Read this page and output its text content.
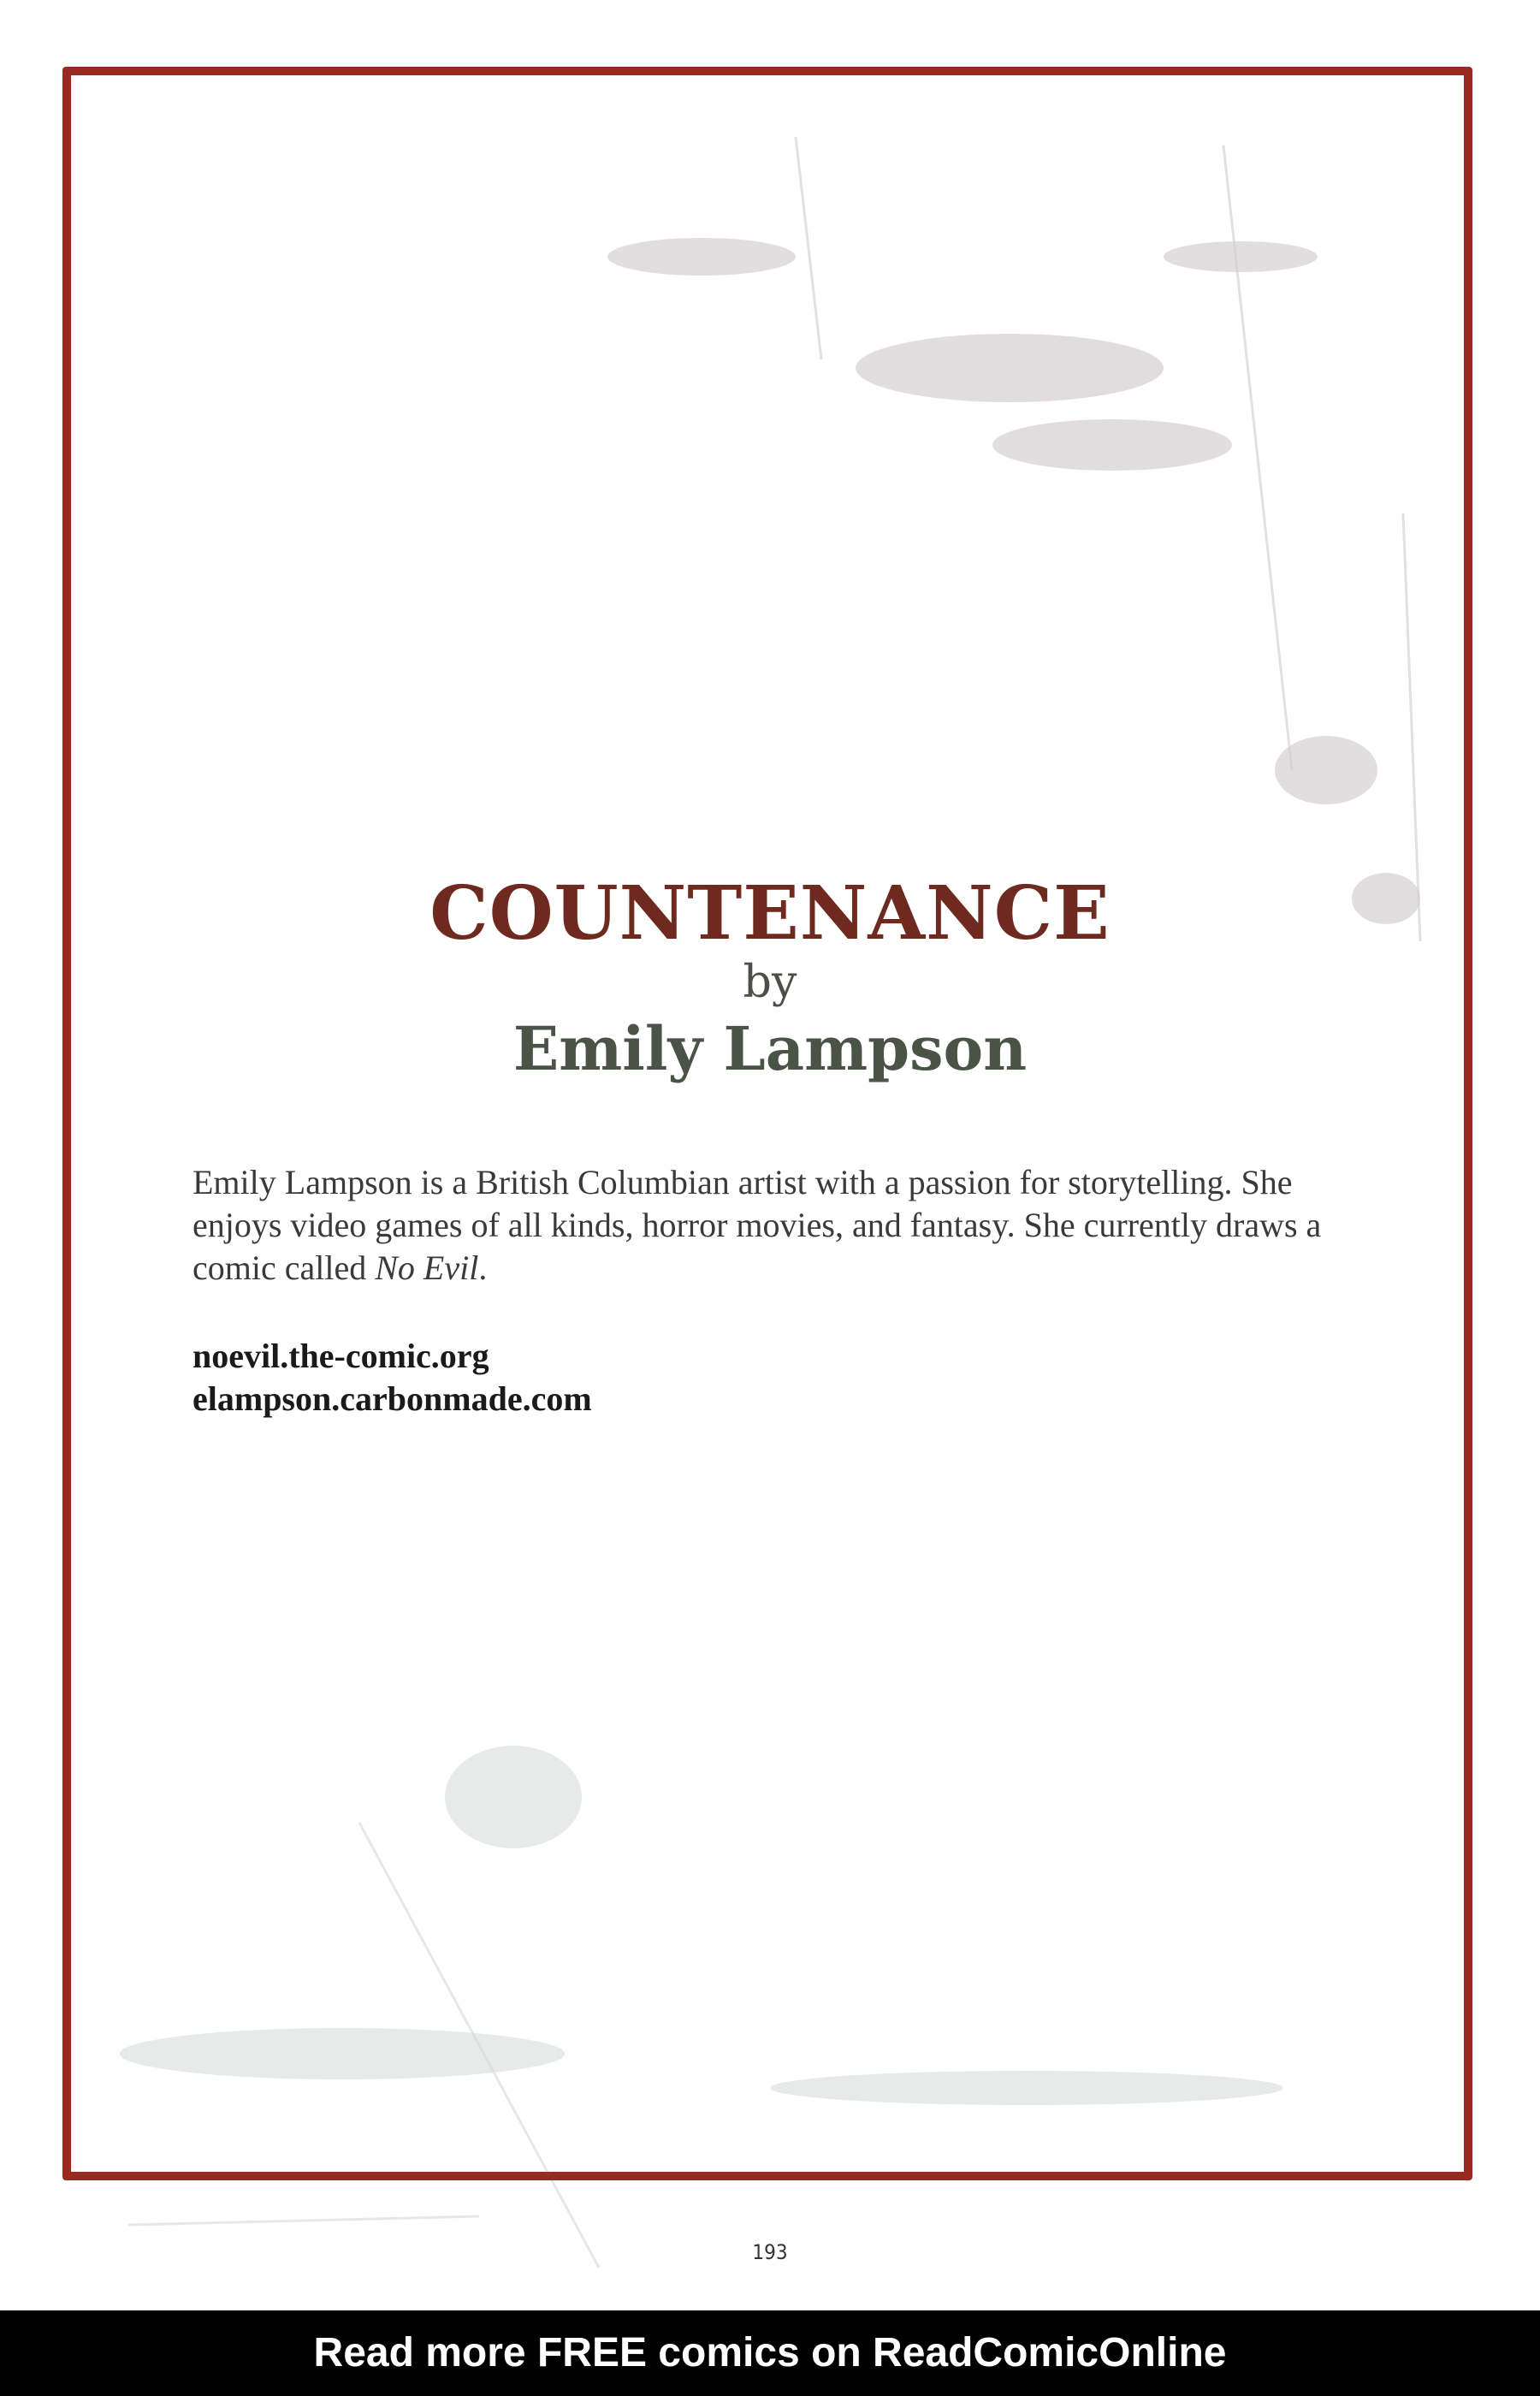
COUNTENANCE
by
Emily Lampson

Emily Lampson is a British Columbian artist with a passion for storytelling. She enjoys video games of all kinds, horror movies, and fantasy. She currently draws a comic called No Evil.

noevil.the-comic.org
elampson.carbonmade.com
193
Read more FREE comics on ReadComicOnline
